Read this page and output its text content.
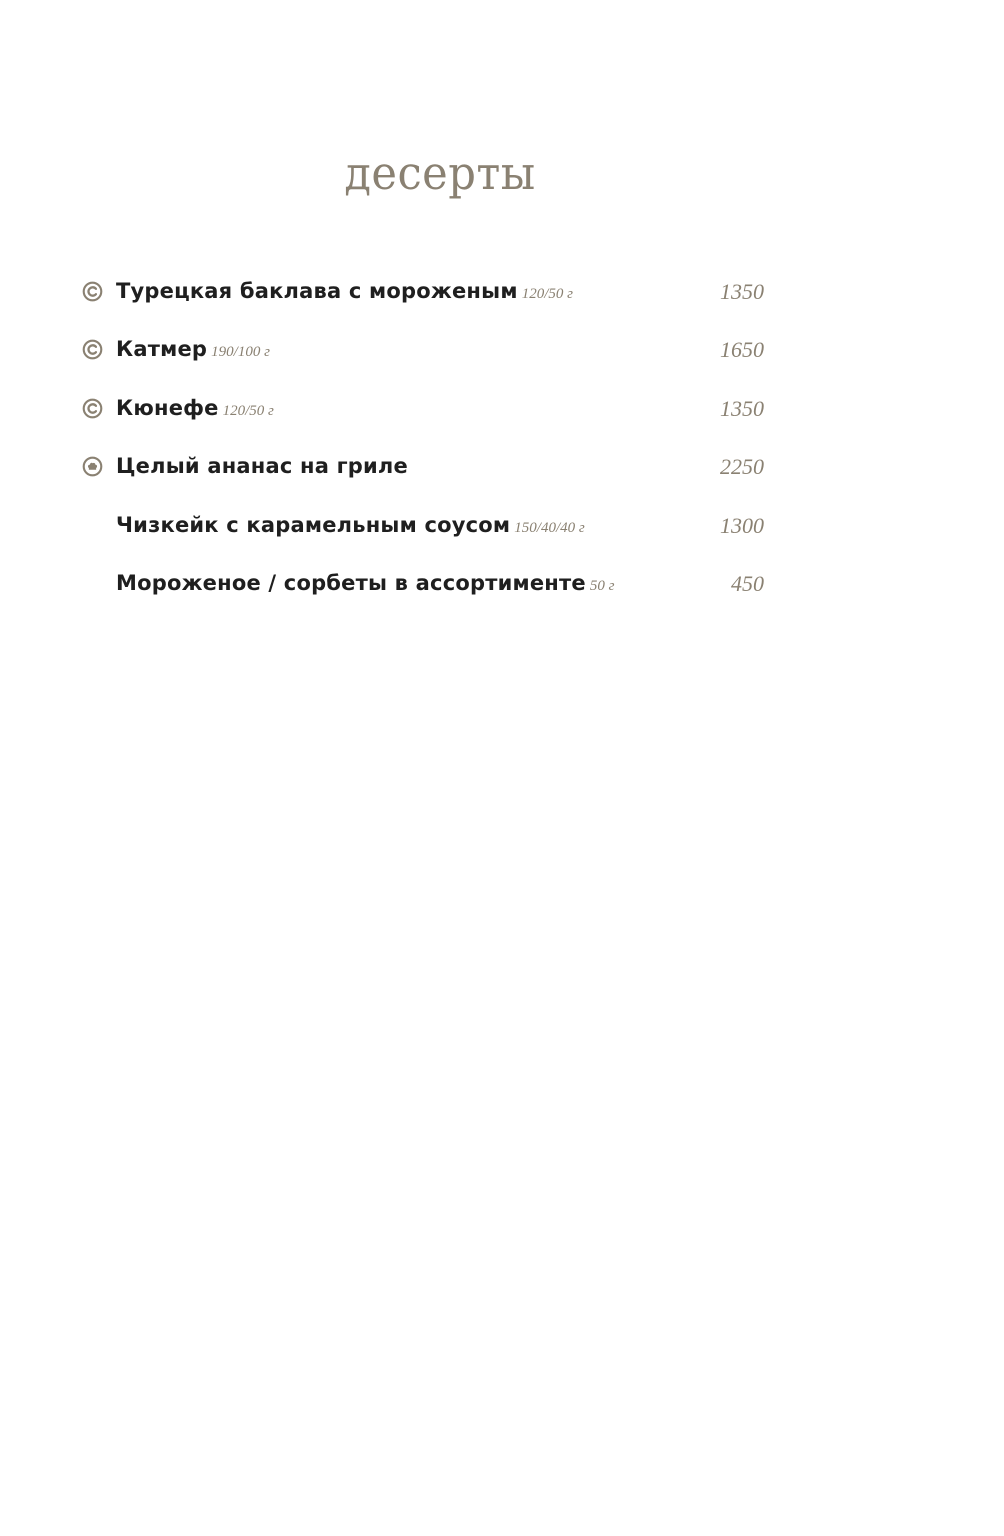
десерты
Турецкая баклава с мороженым 120/50 г	1350
Катмер 190/100 г	1650
Кюнефе 120/50 г	1350
Целый ананас на гриле	2250
Чизкейк с карамельным соусом 150/40/40 г	1300
Мороженое / сорбеты в ассортименте 50 г	450
